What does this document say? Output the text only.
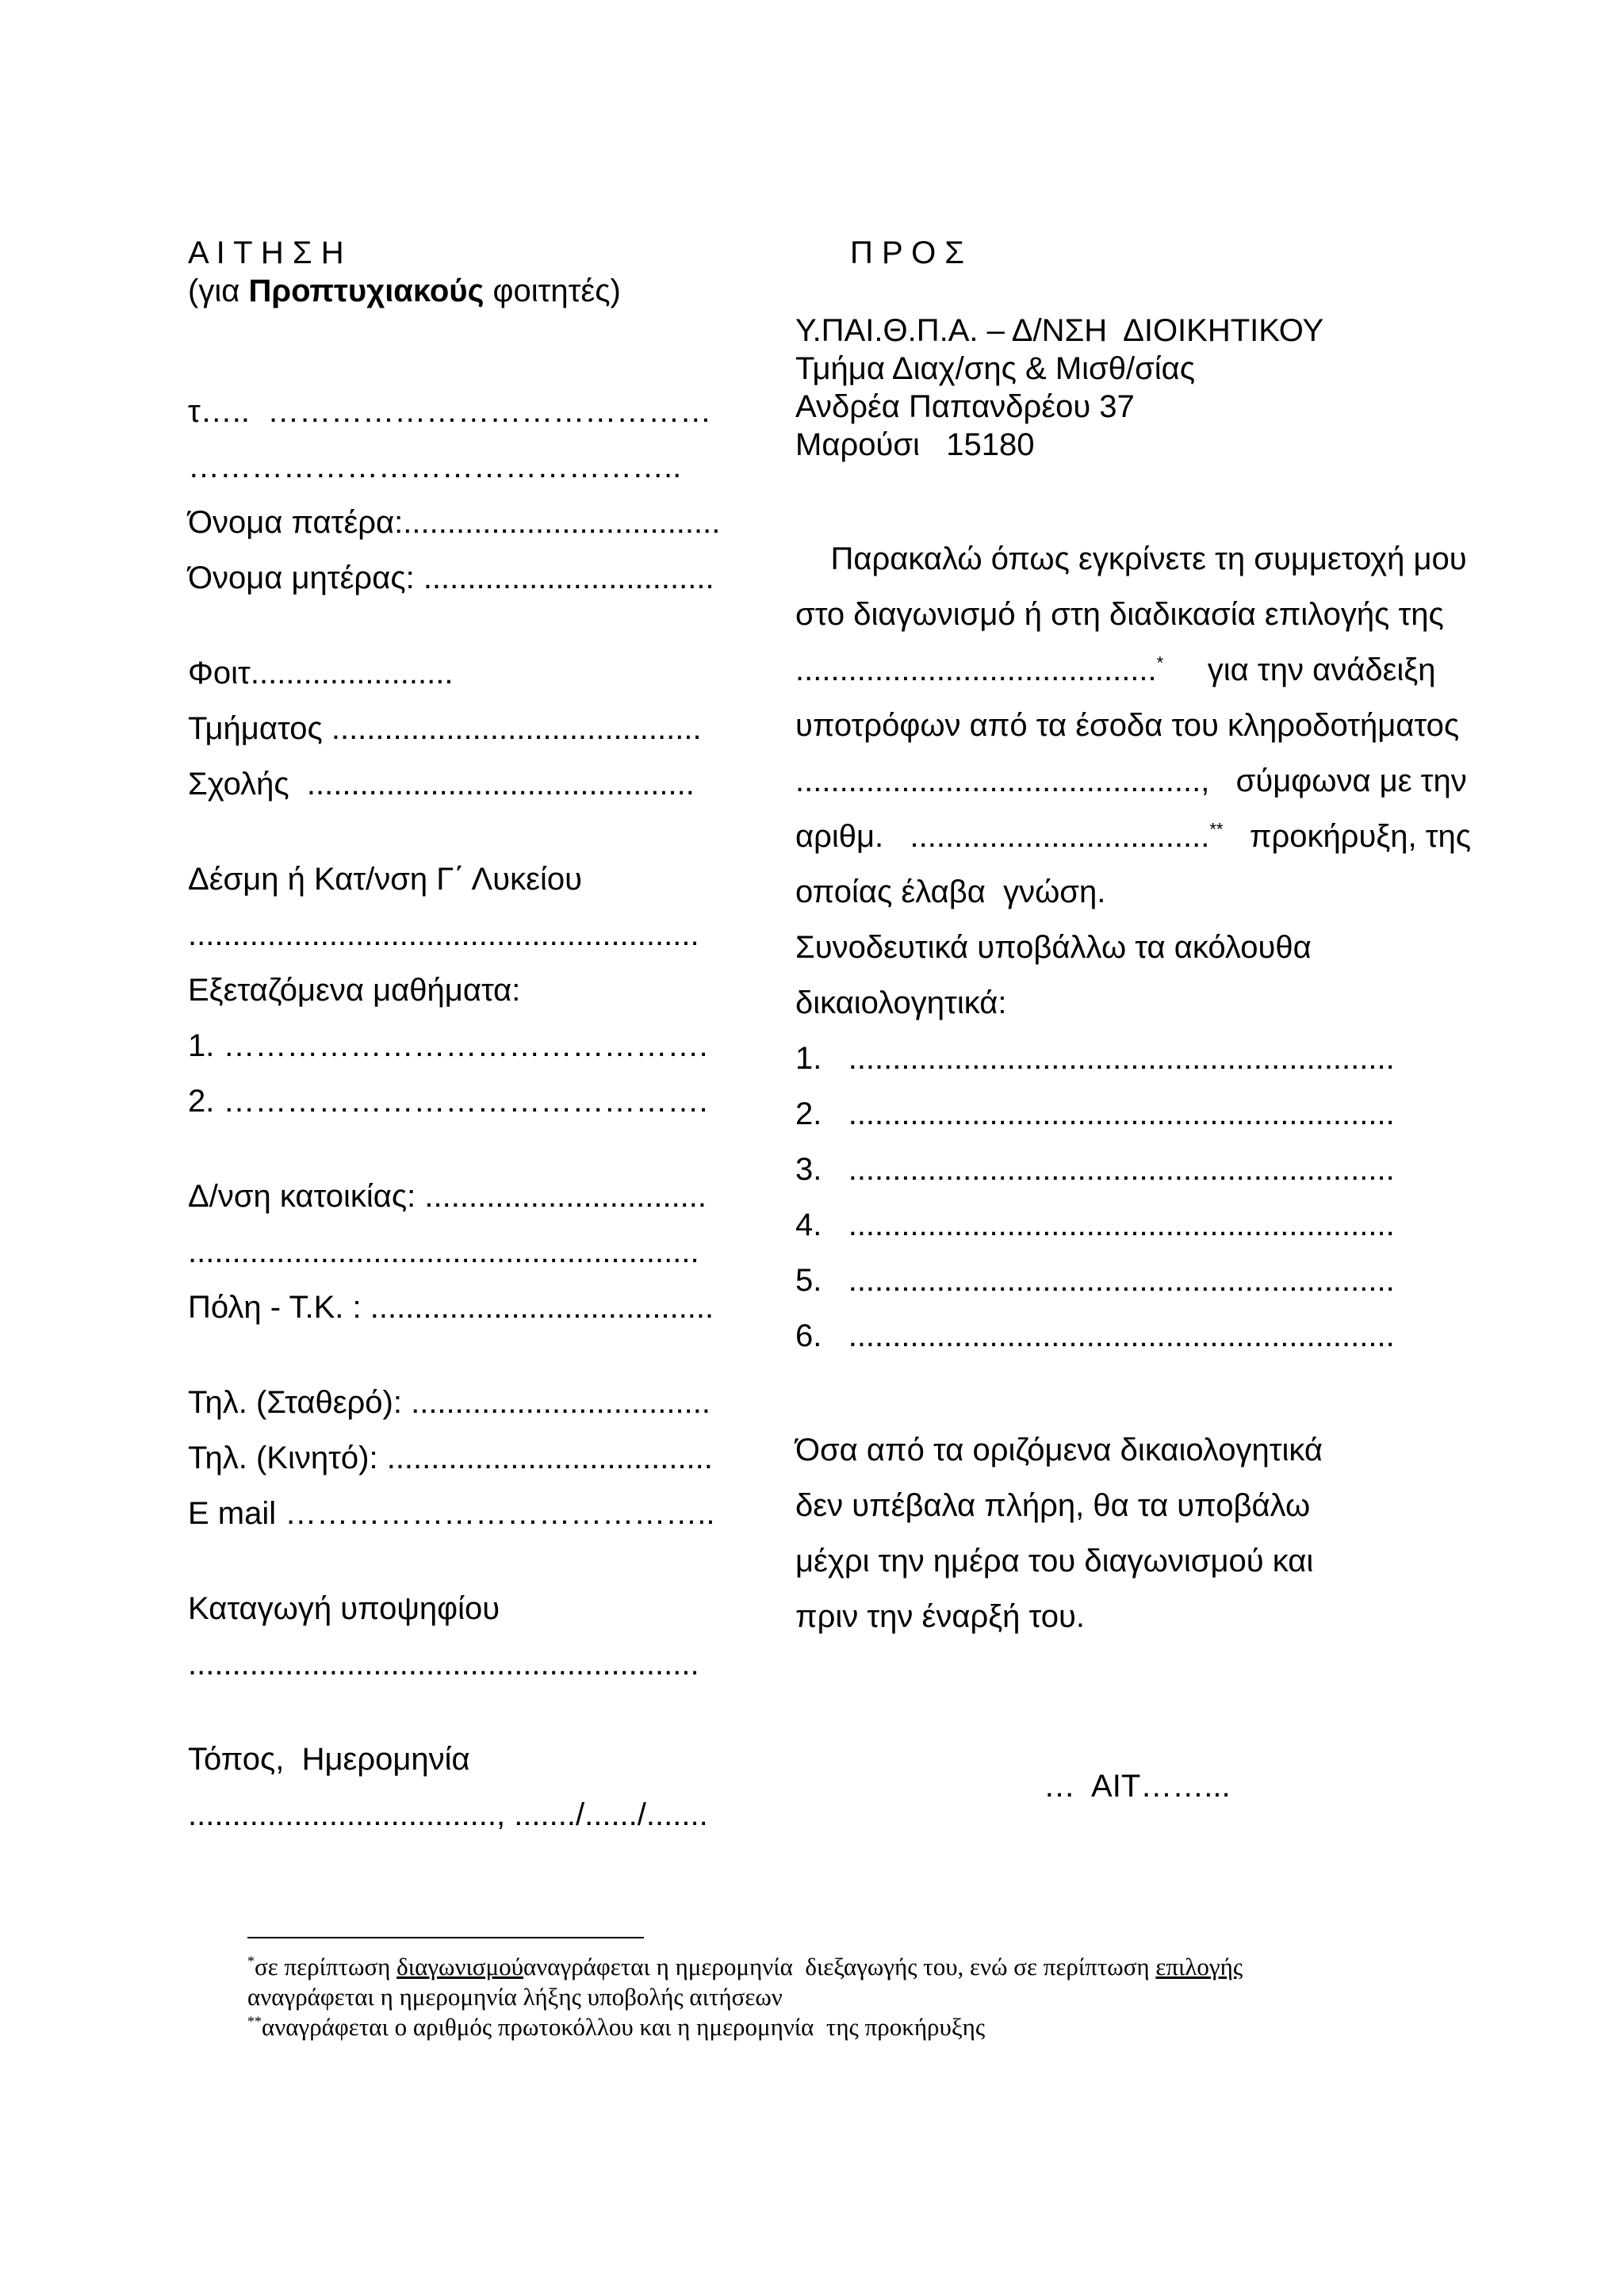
Α Ι Τ Η Σ Η
(για Προπτυχιακούς φοιτητές)
τ…..  ……………………………………
………………………………………..
Όνομα πατέρα:....................................
Όνομα μητέρας: .................................
Φοιτ.......................
Τμήματος ..........................................
Σχολής  ............................................
Δέσμη ή Κατ/νση Γ΄ Λυκείου
..........................................................
Εξεταζόμενα μαθήματα:
1. ……………………………………….
2. ……………………………………….
Δ/νση κατοικίας: ................................
..........................................................
Πόλη - Τ.Κ. : .......................................
Τηλ. (Σταθερό): ..................................
Τηλ. (Κινητό): .....................................
E mail …………………………………..
Καταγωγή υποψηφίου
..........................................................
Τόπος,  Ημερομηνία
..................................., ......./....../.......
Π Ρ Ο Σ
Υ.ΠΑΙ.Θ.Π.Α. – Δ/ΝΣΗ  ΔΙΟΙΚΗΤΙΚΟΥ
Τμήμα Διαχ/σης & Μισθ/σίας
Ανδρέα Παπανδρέου 37
Μαρούσι   15180
Παρακαλώ όπως εγκρίνετε τη συμμετοχή μου
στο διαγωνισμό ή στη διαδικασία επιλογής της
.........................................*     για την ανάδειξη
υποτρόφων από τα έσοδα του κληροδοτήματος
..............................................,   σύμφωνα με την
αριθμ.   ..................................**   προκήρυξη, της
οποίας έλαβα  γνώση.
Συνοδευτικά υποβάλλω τα ακόλουθα
δικαιολογητικά:
1.   ..............................................................
2.   ..............................................................
3.   ..............................................................
4.   ..............................................................
5.   ..............................................................
6.   ..............................................................
Όσα από τα οριζόμενα δικαιολογητικά
δεν υπέβαλα πλήρη, θα τα υποβάλω
μέχρι την ημέρα του διαγωνισμού και
πριν την έναρξή του.
…  ΑΙΤ……...
*σε περίπτωση διαγωνισμούαναγράφεται η ημερομηνία  διεξαγωγής του, ενώ σε περίπτωση επιλογής
αναγράφεται η ημερομηνία λήξης υποβολής αιτήσεων
**αναγράφεται ο αριθμός πρωτοκόλλου και η ημερομηνία  της προκήρυξης
